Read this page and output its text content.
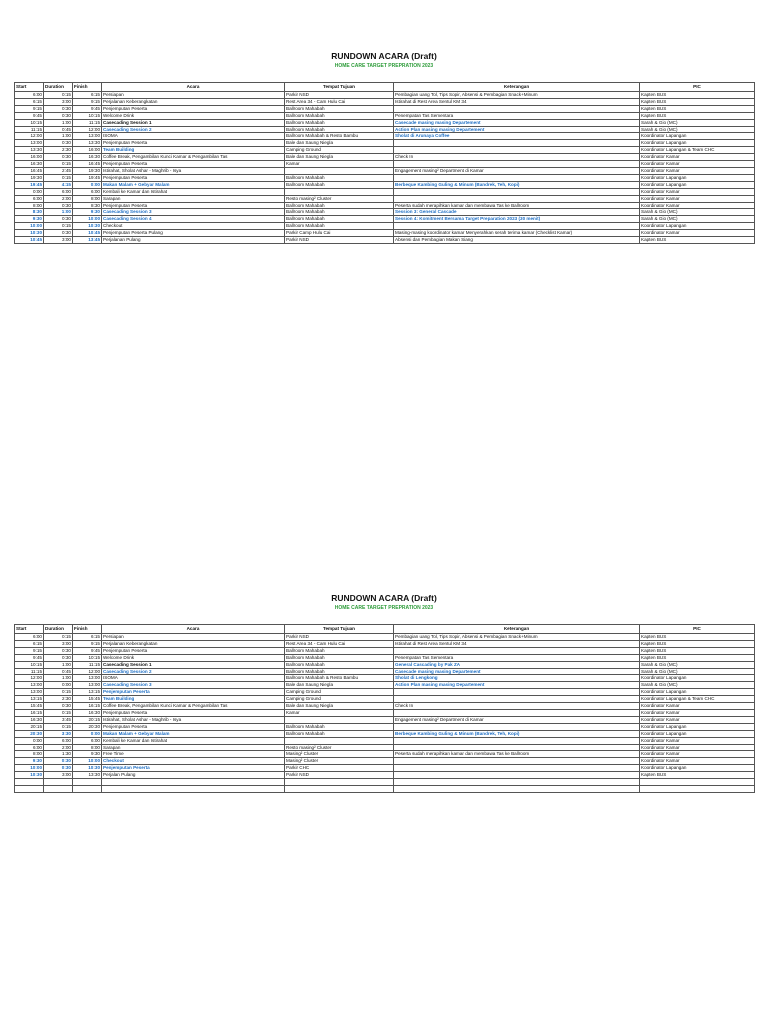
RUNDOWN ACARA (Draft)
HOME CARE TARGET PREPRATION 2023
Start	Duration	Finish	Acara	Tempat Tujuan	Keterangan	PIC
6:00	0:15	6:15	Persiapan	Parkir NSD	Pembagian uang Tol, Tips Sopir, Absensi & Pembagian Snack+Minum	Kapten BUS
6:15	3:00	9:15	Perjalanan Keberangkatan	Rest Area 34 - Cam Hulu Cai	Istirahat di Rest Area Sentul KM 34	Kapten BUS
9:15	0:30	9:45	Penjemputan Peserta	Ballroom Mahabah		Kapten BUS
9:45	0:30	10:15	Welcome Drink	Ballroom Mahabah	Penempatan Tas Sementara	Kapten BUS
10:15	1:00	11:15	Casecading Session 1	Ballroom Mahabah	Casecade masing masing Departement	Sarah & Gio (MC)
11:15	0:45	12:00	Casecading Session 2	Ballroom Mahabah	Action Plan masing masing Departement	Sarah & Gio (MC)
12:00	1:00	13:00	ISOMA	Ballroom Mahabah & Resto Bambu	Sholat di Arunaya Coffee	Koordinator Lapangan
13:00	0:30	13:30	Penjemputan Peserta	Bale dan Saung Niegla		Koordinator Lapangan
13:30	2:30	16:00	Team Building	Camping Ground		Koordinator Lapangan & Team CHC
16:00	0:30	16:30	Coffee Break, Pengambilan Kunci Kamar & Pengambilan Tas	Bale dan Saung Niegla	Check In	Koordinator Kamar
16:30	0:15	16:45	Penjemputan Peserta	Kamar		Koordinator Kamar
16:45	2:45	19:30	Istirahat, Sholat Ashar - Maghrib - Isya		Engagement masing² Department di Kamar	Koordinator Kamar
19:30	0:15	19:45	Penjemputan Peserta	Ballroom Mahabah		Koordinator Lapangan
19:45	4:15	0:00	Makan Malam + Gebyar Malam	Ballroom Mahabah	Berbeque Kambing Guling & Minum (Bandrek, Teh, Kopi)	Koordinator Lapangan
0:00	6:00	6:00	Kembali ke Kamar dan Istirahat			Koordinator Kamar
6:00	2:00	8:00	Sarapan	Resto masing² Cluster		Koordinator Kamar
8:00	0:30	8:30	Penjemputan Peserta	Ballroom Mahabah	Peserta sudah merapihkan kamar dan membawa Tas ke Ballroom	Koordinator Kamar
8:30	1:00	9:30	Casecading Session 3	Ballroom Mahabah	Session 3: General Cascade	Sarah & Gio (MC)
9:30	0:30	10:00	Casecading Session 4	Ballroom Mahabah	Session 4: Komitment Bersama Target Preparation 2023 (30 menit)	Sarah & Gio (MC)
10:00	0:15	10:30	Checkout	Ballroom Mahabah		Koordinator Lapangan
10:30	0:30	10:45	Penjemputan Peserta Pulang	Parkir Camp Hulu Cai	Masing-masing koordinator kamar Menyerahkan serah terima kamar (Checklist Kamar)	Koordinator Kamar
10:45	3:00	13:45	Perjalanan Pulang	Parkir NSD	Absensi dan Pembagian Makan Siang	Kapten BUS
RUNDOWN ACARA (Draft)
HOME CARE TARGET PREPRATION 2023
Start	Duration	Finish	Acara	Tempat Tujuan	Keterangan	PIC
6:00	0:15	6:15	Persiapan	Parkir NSD	Pembagian uang Tol, Tips Sopir, Absensi & Pembagian Snack+Minum	Kapten BUS
6:15	3:00	9:15	Perjalanan Keberangkatan	Rest Area 34 - Cam Hulu Cai	Istirahat di Rest Area Sentul KM 34	Kapten BUS
9:15	0:30	9:45	Penjemputan Peserta	Ballroom Mahabah		Kapten BUS
9:45	0:30	10:15	Welcome Drink	Ballroom Mahabah	Penempatan Tas Sementara	Kapten BUS
10:15	1:00	11:15	Casecading Session 1	Ballroom Mahabah	General Cascading by Pak ZA	Sarah & Gio (MC)
11:15	0:45	12:00	Casecading Session 2	Ballroom Mahabah	Casecade masing masing Departement	Sarah & Gio (MC)
12:00	1:00	13:00	ISOMA	Ballroom Mahabah & Resto Bambu	Sholat di Lengkong	Koordinator Lapangan
13:00	0:00	13:00	Casecading Session 3	Bale dan Saung Niegla	Action Plan masing masing Departement	Sarah & Gio (MC)
13:00	0:15	13:15	Penjemputan Peserta	Camping Ground		Koordinator Lapangan
13:15	2:30	15:45	Team Building	Camping Ground		Koordinator Lapangan & Team CHC
15:45	0:30	16:15	Coffee Break, Pengambilan Kunci Kamar & Pengambilan Tas	Bale dan Saung Niegla	Check In	Koordinator Kamar
16:15	0:15	16:30	Penjemputan Peserta	Kamar		Koordinator Kamar
16:30	3:45	20:15	Istirahat, Sholat Ashar - Maghrib - Isya		Engagement masing² Department di Kamar	Koordinator Kamar
20:15	0:15	20:30	Penjemputan Peserta	Ballroom Mahabah		Koordinator Lapangan
20:30	3:30	0:00	Makan Malam + Gebyar Malam	Ballroom Mahabah	Berbeque Kambing Guling & Minum (Bandrek, Teh, Kopi)	Koordinator Lapangan
0:00	6:00	6:00	Kembali ke Kamar dan Istirahat			Koordinator Kamar
6:00	2:00	8:00	Sarapan	Resto masing² Cluster		Koordinator Kamar
8:00	1:30	9:30	Free Time	Masing² Cluster	Peserta sudah merapihkan kamar dan membawa Tas ke Ballroom	Koordinator Kamar
9:30	0:30	10:00	Checkout	Masing² Cluster		Koordinator Kamar
10:00	0:30	10:30	Penjemputan Peserta	Parkir CHC		Koordinator Lapangan
10:30	3:00	13:30	Perjalan Pulang	Parkir NSD		Kapten BUS
